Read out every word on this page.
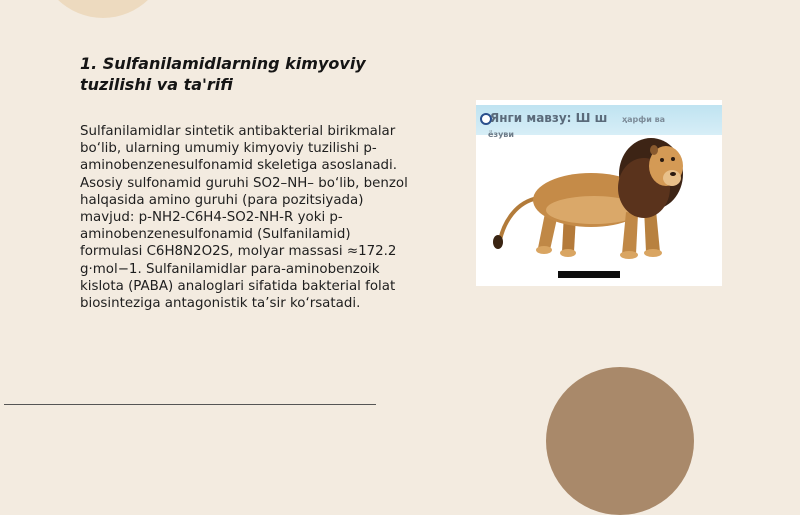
1. Sulfanilamidlarning kimyoviy tuzilishi va ta'rifi
Sulfanilamidlar sintetik antibakterial birikmalar bo‘lib, ularning umumiy kimyoviy tuzilishi p-aminobenzenesulfonamid skeletiga asoslanadi. Asosiy sulfonamid guruhi SO2–NH– bo‘lib, benzol halqasida amino guruhi (para pozitsiyada) mavjud: p-NH2-C6H4-SO2-NH-R yoki p-aminobenzenesulfonamid (Sulfanilamid) formulasi C6H8N2O2S, molyar massasi ≈172.2 g·mol−1. Sulfanilamidlar para-aminobenzoik kislota (PABA) analoglari sifatida bakterial folat biosinteziga antagonistik ta’sir ko‘rsatadi.
Янги мавзу: Ш ш ҳарфи ва
ёзуви
